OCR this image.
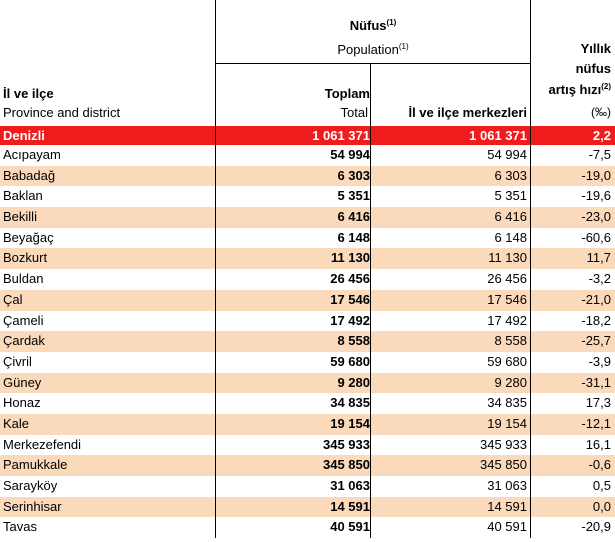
Nüfus$^{(1)}$
Population$^{(1)}$
İl ve ilçe
Province and district
Toplam
Total	İl ve ilçe merkezleri
Yıllık
nüfus
artış hızı$^{(2)}$
(‰)
Denizli	1 061 371	1 061 371	2,2
Acıpayam	54 994	54 994	-7,5
Babadağ	6 303	6 303	-19,0
Baklan	5 351	5 351	-19,6
Bekilli	6 416	6 416	-23,0
Beyağaç	6 148	6 148	-60,6
Bozkurt	11 130	11 130	11,7
Buldan	26 456	26 456	-3,2
Çal	17 546	17 546	-21,0
Çameli	17 492	17 492	-18,2
Çardak	8 558	8 558	-25,7
Çivril	59 680	59 680	-3,9
Güney	9 280	9 280	-31,1
Honaz	34 835	34 835	17,3
Kale	19 154	19 154	-12,1
Merkezefendi	345 933	345 933	16,1
Pamukkale	345 850	345 850	-0,6
Sarayköy	31 063	31 063	0,5
Serinhisar	14 591	14 591	0,0
Tavas	40 591	40 591	-20,9
